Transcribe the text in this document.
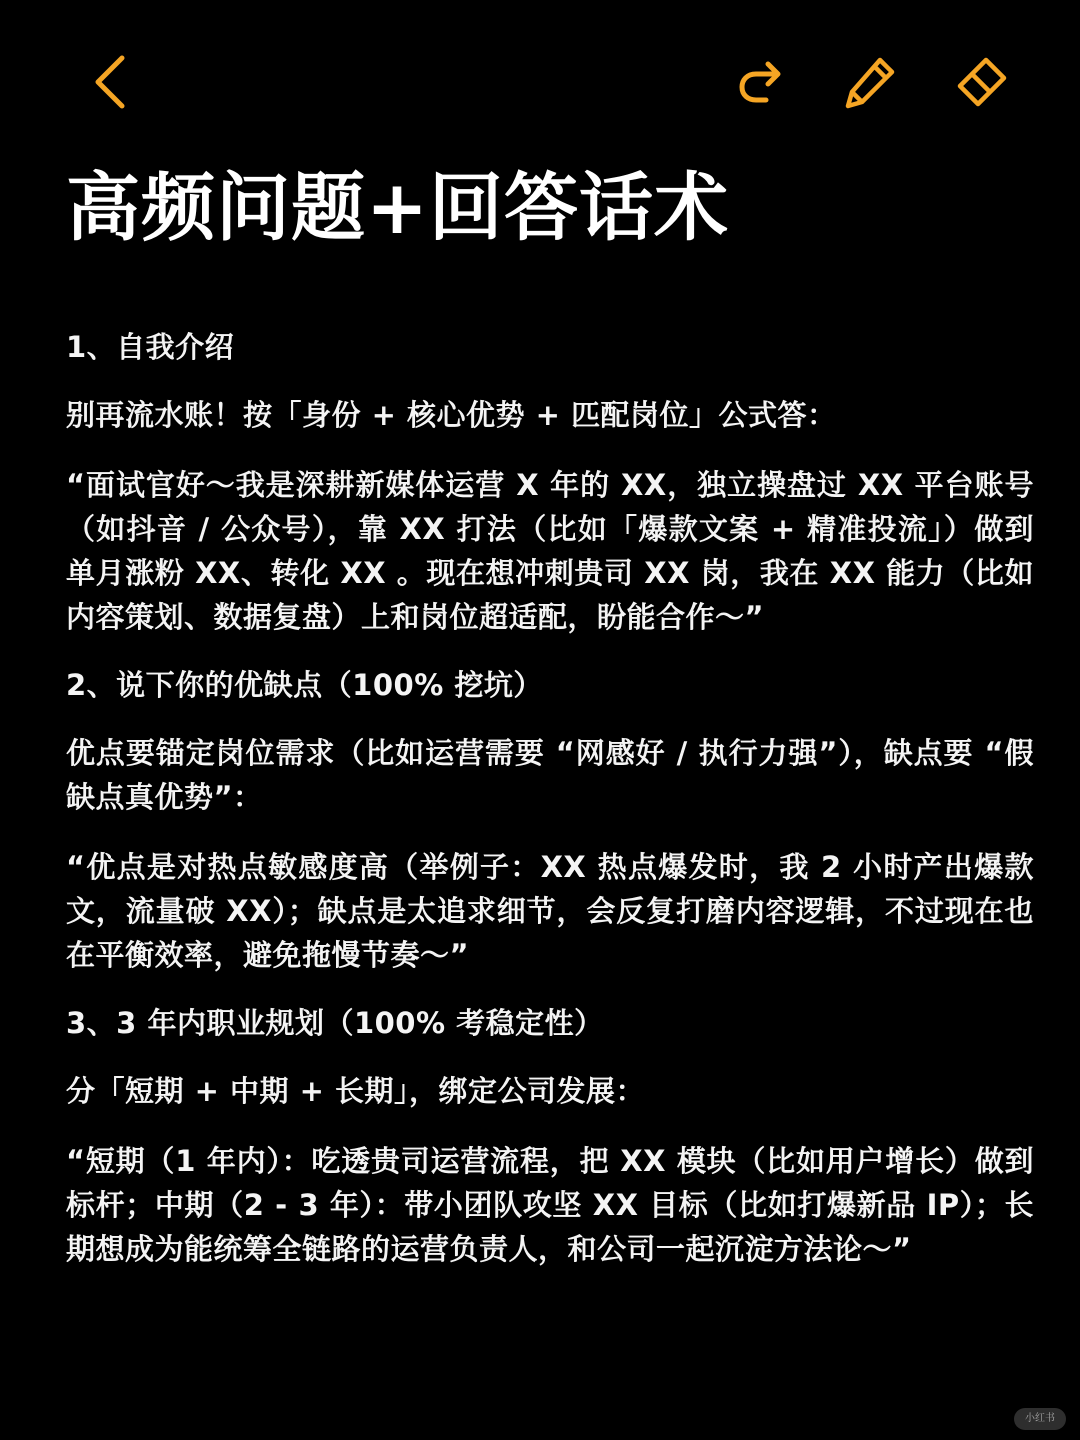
高频问题+回答话术

1、自我介绍

别再流水账！按「身份 + 核心优势 + 匹配岗位」公式答：

“面试官好～我是深耕新媒体运营 X 年的 XX，独立操盘过 XX 平台账号（如抖音 / 公众号），靠 XX 打法（比如「爆款文案 + 精准投流」）做到单月涨粉 XX、转化 XX 。现在想冲刺贵司 XX 岗，我在 XX 能力（比如内容策划、数据复盘）上和岗位超适配，盼能合作～”

2、说下你的优缺点（100% 挖坑）

优点要锚定岗位需求（比如运营需要 “网感好 / 执行力强”），缺点要 “假缺点真优势”：

“优点是对热点敏感度高（举例子：XX 热点爆发时，我 2 小时产出爆款文，流量破 XX）；缺点是太追求细节，会反复打磨内容逻辑，不过现在也在平衡效率，避免拖慢节奏～”

3、3 年内职业规划（100% 考稳定性）

分「短期 + 中期 + 长期」，绑定公司发展：

“短期（1 年内）：吃透贵司运营流程，把 XX 模块（比如用户增长）做到标杆；中期（2 - 3 年）：带小团队攻坚 XX 目标（比如打爆新品 IP）；长期想成为能统筹全链路的运营负责人，和公司一起沉淀方法论～”

小红书
